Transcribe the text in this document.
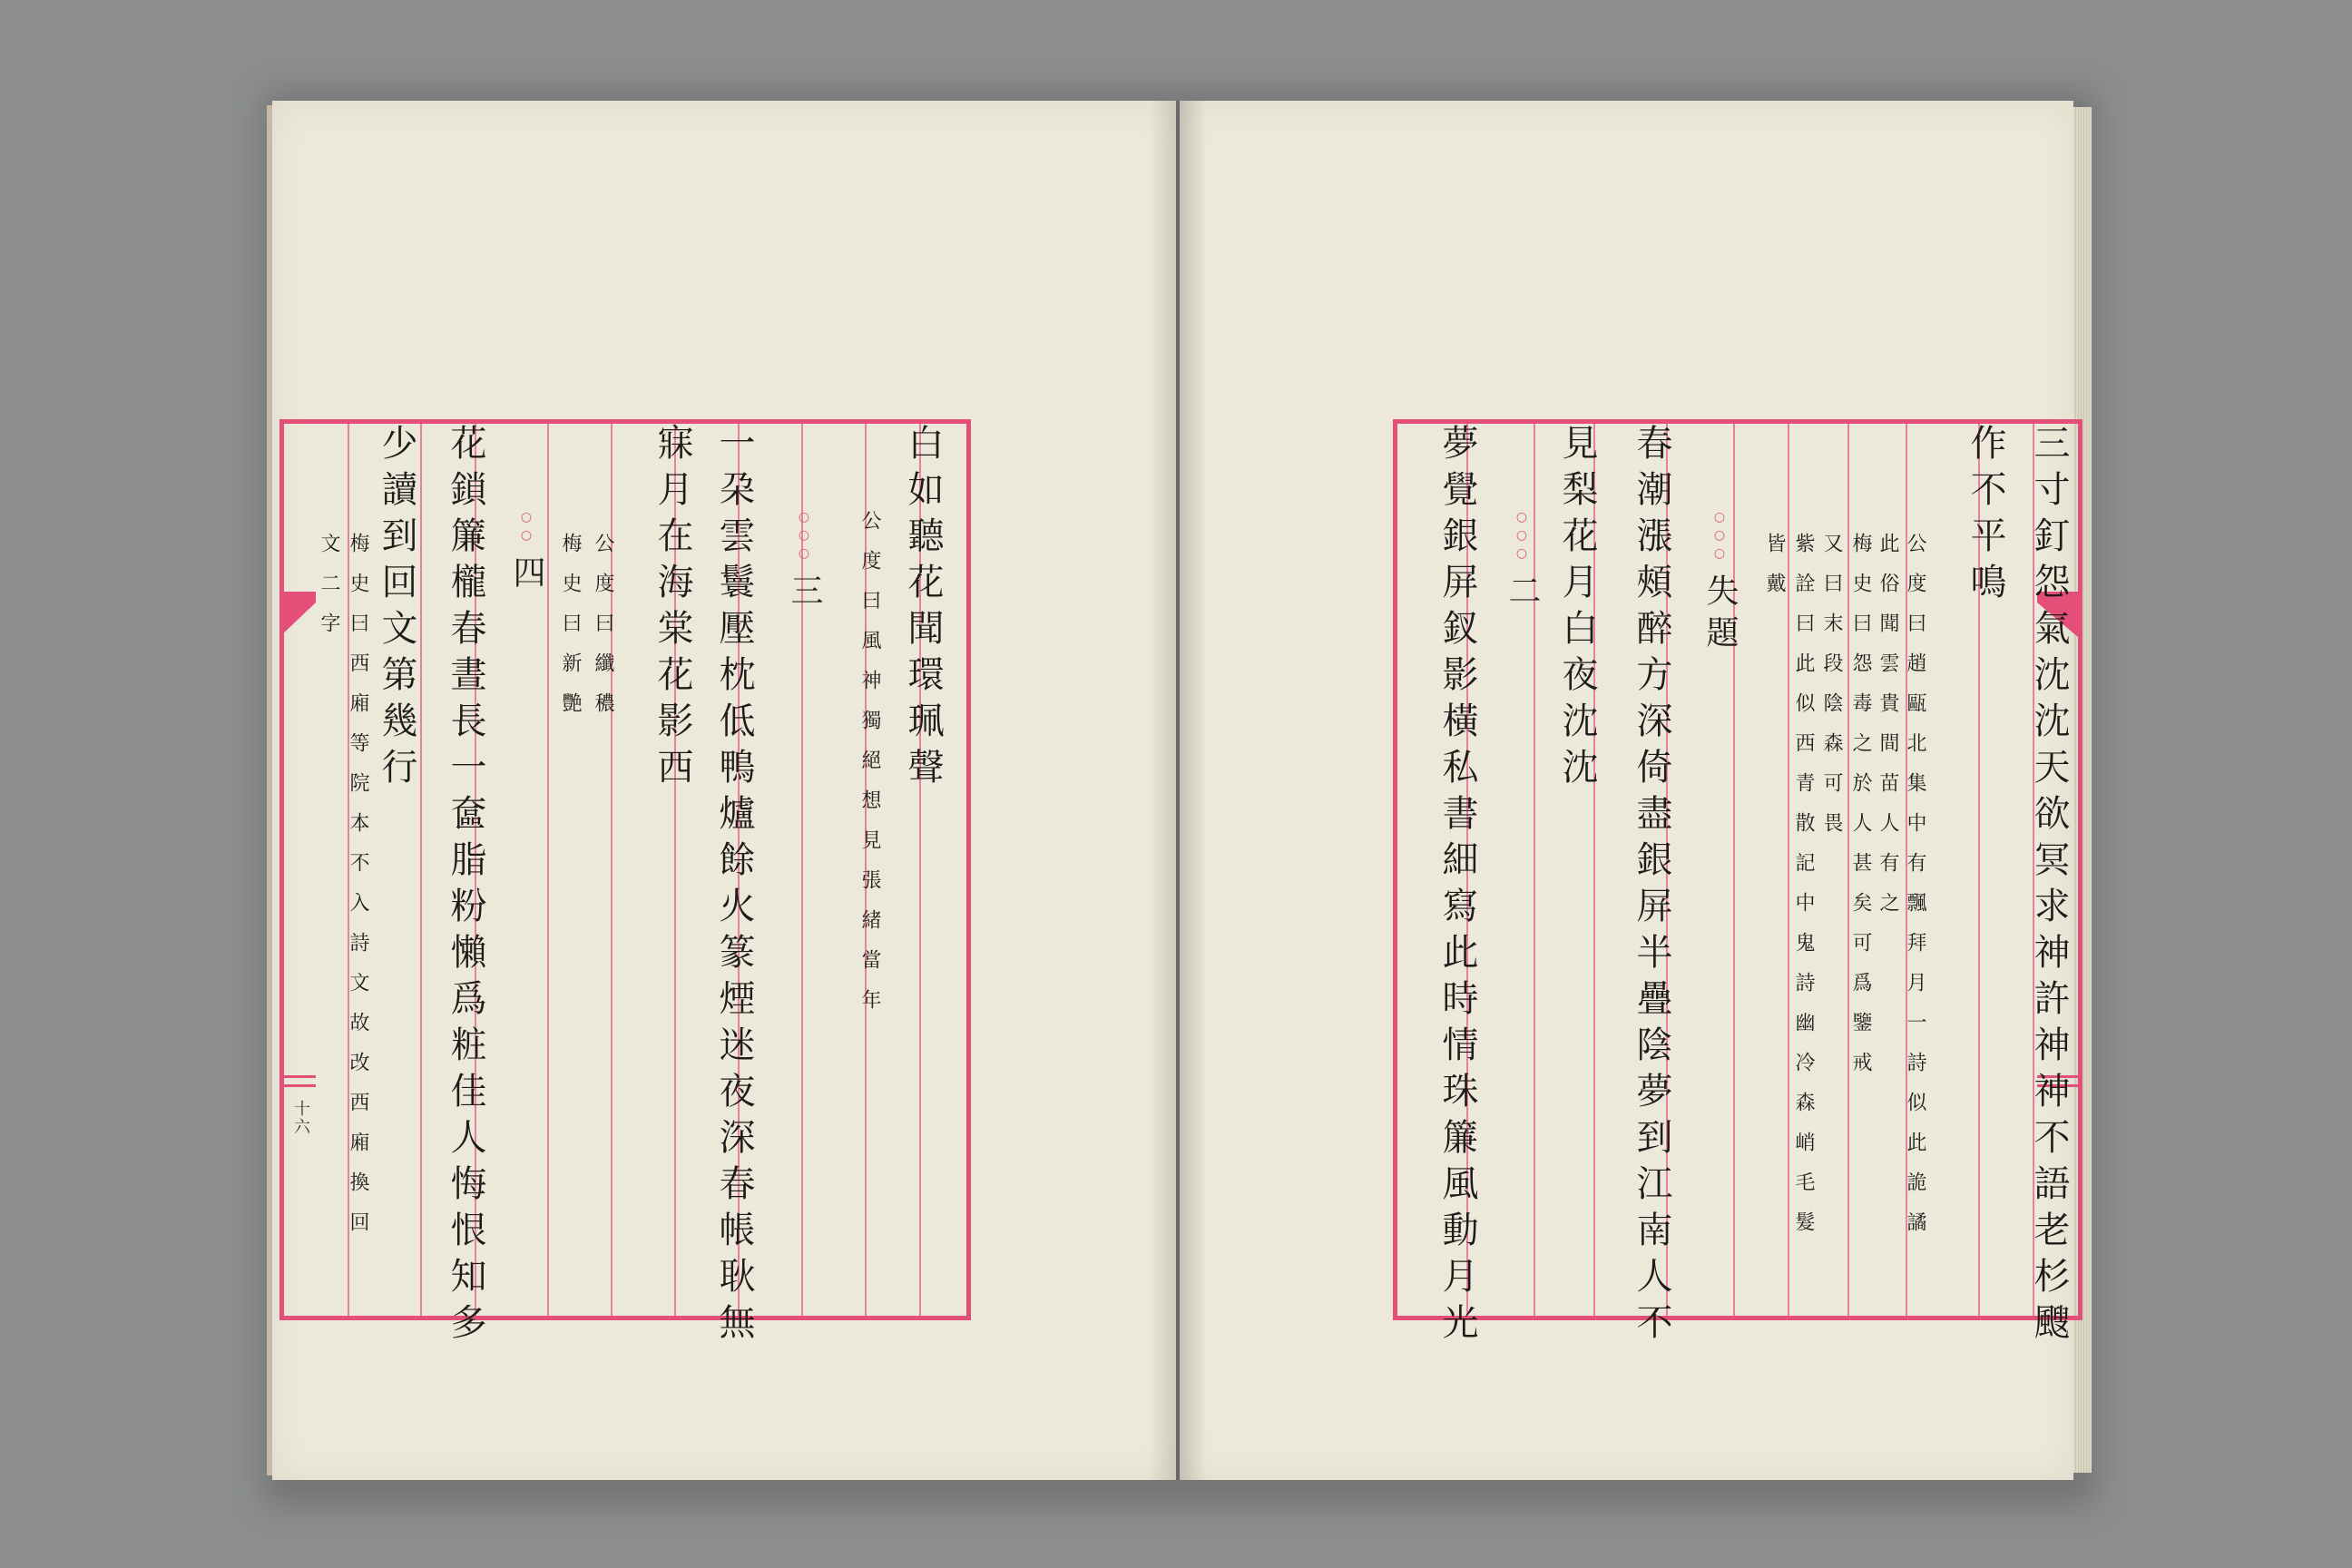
十六
白如聽花聞環珮聲
公度曰風神獨絕想見張緒當年
○○○三
一朶雲鬟壓枕低鴨爐餘火篆煙迷夜深春帳耿無
寐月在海棠花影西
公度曰纖穠
梅史曰新艷
○○四
花鎖簾櫳春晝長一奩脂粉懶爲粧佳人悔恨知多
少讀到回文第幾行
梅史曰西廂等院本不入詩文故改西廂換回
文二字	三寸釘怨氣沈沈天欲冥求神許神神不語老杉颼
作不平鳴
公度曰趙甌北集中有飄拜月一詩似此詭譎
此俗聞雲貴間苗人有之
梅史曰怨毒之於人甚矣可爲鑒戒
又曰末段陰森可畏
紫詮曰此似西青散記中鬼詩幽冷森峭毛髮
皆戴
○○○失題
春潮漲頰醉方深倚盡銀屏半疊陰夢到江南人不
見梨花月白夜沈沈
○○○二
夢覺銀屏釵影橫私書細寫此時情珠簾風動月光
